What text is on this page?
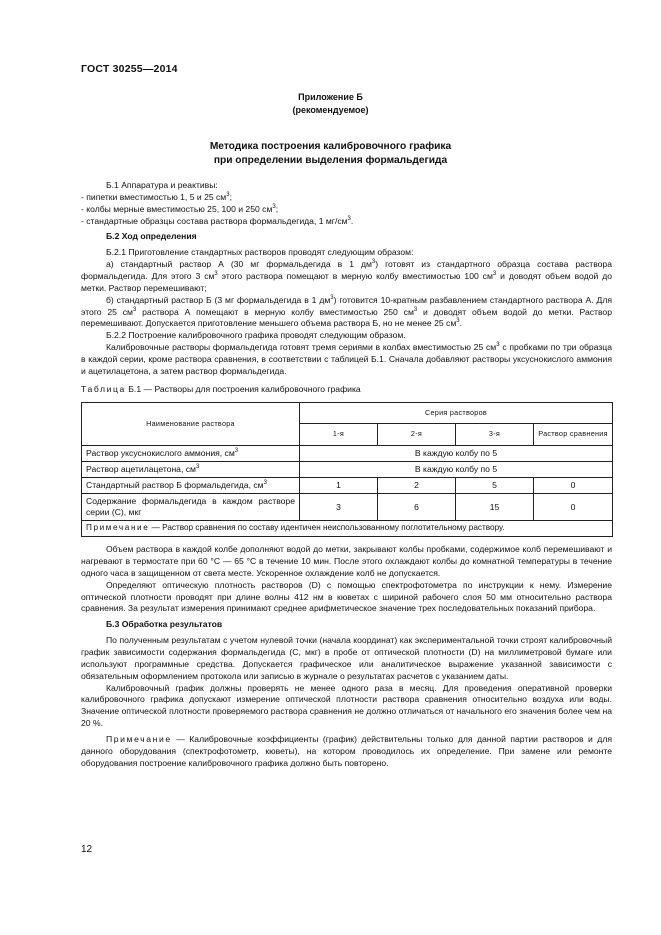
ГОСТ 30255—2014
Приложение Б
(рекомендуемое)
Методика построения калибровочного графика
при определении выделения формальдегида

Б.1 Аппаратура и реактивы:

- пипетки вместимостью 1, 5 и 25 $см^3$;

- колбы мерные вместимостью 25, 100 и 250 $см^3$;

- стандартные образцы состава раствора формальдегида, 1 $мг/см^3$.

Б.2 Ход определения

Б.2.1 Приготовление стандартных растворов проводят следующим образом:

а) стандартный раствор А (30 мг формальдегида в 1 $дм^3$) готовят из стандартного образца состава раствора формальдегида. Для этого 3 $см^3$ этого раствора помещают в мерную колбу вместимостью 100 $см^3$ и доводят объем водой до метки. Раствор перемешивают;

б) стандартный раствор Б (3 мг формальдегида в 1 $дм^3$) готовится 10-кратным разбавлением стандартного раствора А. Для этого 25 $см^3$ раствора А помещают в мерную колбу вместимостью 250 $см^3$ и доводят объем водой до метки. Раствор перемешивают. Допускается приготовление меньшего объема раствора Б, но не менее 25 $см^3$.

Б.2.2 Построение калибровочного графика проводят следующим образом.

Калибровочные растворы формальдегида готовят тремя сериями в колбах вместимостью 25 $см^3$ с пробками по три образца в каждой серии, кроме раствора сравнения, в соответствии с таблицей Б.1. Сначала добавляют растворы уксуснокислого аммония и ацетилацетона, а затем раствор формальдегида.

Таблица Б.1 — Растворы для построения калибровочного графика

Наименование раствора	Серия растворов			
	1-я	2-я	3-я	Раствор сравнения
Раствор уксуснокислого аммония, $см^3$	В каждую колбу по 5			
Раствор ацетилацетона, $см^3$	В каждую колбу по 5			
Стандартный раствор Б формальдегида, $см^3$	1	2	5	0
Содержание формальдегида в каждом растворе серии (С), мкг	3	6	15	0
Примечание — Раствор сравнения по составу идентичен неиспользованному поглотительному раствору.				

Объем раствора в каждой колбе дополняют водой до метки, закрывают колбы пробками, содержимое колб перемешивают и нагревают в термостате при 60 °С — 65 °С в течение 10 мин. После этого охлаждают колбы до комнатной температуры в течение одного часа в защищенном от света месте. Ускоренное охлаждение колб не допускается.

Определяют оптическую плотность растворов (D) с помощью спектрофотометра по инструкции к нему. Измерение оптической плотности проводят при длине волны 412 нм в кюветах с шириной рабочего слоя 50 мм относительно раствора сравнения. За результат измерения принимают среднее арифметическое значение трех последовательных показаний прибора.

Б.3 Обработка результатов

По полученным результатам с учетом нулевой точки (начала координат) как экспериментальной точки строят калибровочный график зависимости содержания формальдегида (С, мкг) в пробе от оптической плотности (D) на миллиметровой бумаге или используют программные средства. Допускается графическое или аналитическое выражение указанной зависимости с обязательным оформлением протокола или записью в журнале о результатах расчетов с указанием даты.

Калибровочный график должны проверять не менее одного раза в месяц. Для проведения оперативной проверки калибровочного графика допускают измерение оптической плотности раствора сравнения относительно воздуха или воды. Значение оптической плотности проверяемого раствора сравнения не должно отличаться от начального его значения более чем на 20 %.

Примечание — Калибровочные коэффициенты (график) действительны только для данной партии растворов и для данного оборудования (спектрофотометр, кюветы), на котором проводилось их определение. При замене или ремонте оборудования построение калибровочного графика должно быть повторено.

12
